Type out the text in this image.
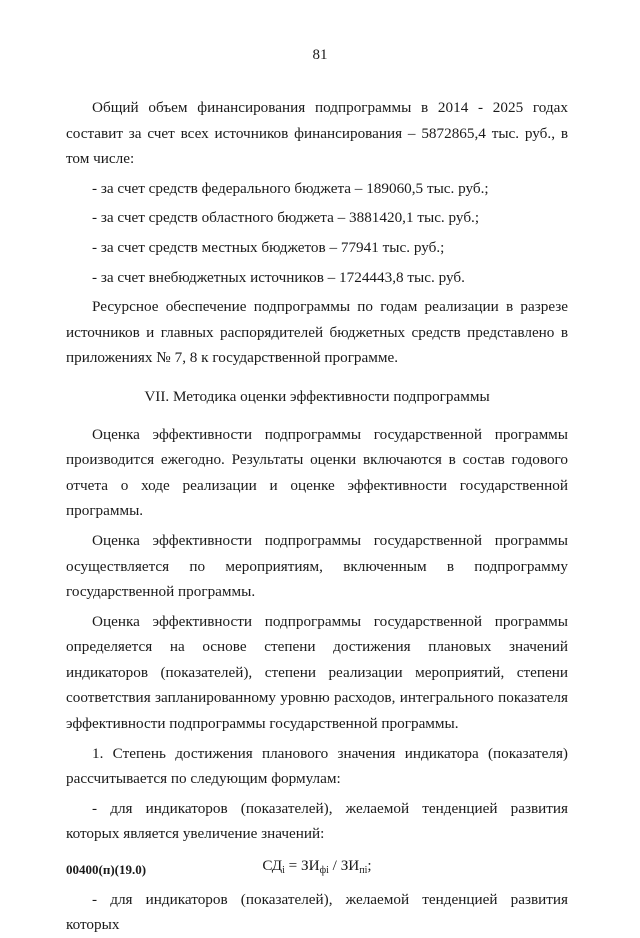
81

Общий объем финансирования подпрограммы в 2014 - 2025 годах составит за счет всех источников финансирования – 5872865,4 тыс. руб., в том числе:

- за счет средств федерального бюджета – 189060,5 тыс. руб.;

- за счет средств областного бюджета – 3881420,1 тыс. руб.;

- за счет средств местных бюджетов – 77941 тыс. руб.;

- за счет внебюджетных источников – 1724443,8 тыс. руб.

Ресурсное обеспечение подпрограммы по годам реализации в разрезе источников и главных распорядителей бюджетных средств представлено в приложениях № 7, 8 к государственной программе.

VII. Методика оценки эффективности подпрограммы

Оценка эффективности подпрограммы государственной программы производится ежегодно. Результаты оценки включаются в состав годового отчета о ходе реализации и оценке эффективности государственной программы.

Оценка эффективности подпрограммы государственной программы осуществляется по мероприятиям, включенным в подпрограмму государственной программы.

Оценка эффективности подпрограммы государственной программы определяется на основе степени достижения плановых значений индикаторов (показателей), степени реализации мероприятий, степени соответствия запланированному уровню расходов, интегрального показателя эффективности подпрограммы государственной программы.

1. Степень достижения планового значения индикатора (показателя) рассчитывается по следующим формулам:

- для индикаторов (показателей), желаемой тенденцией развития которых является увеличение значений:

$СД_i = ЗИ_{фi} / ЗИ_{пi}$;

- для индикаторов (показателей), желаемой тенденцией развития которых

00400(п)(19.0)
